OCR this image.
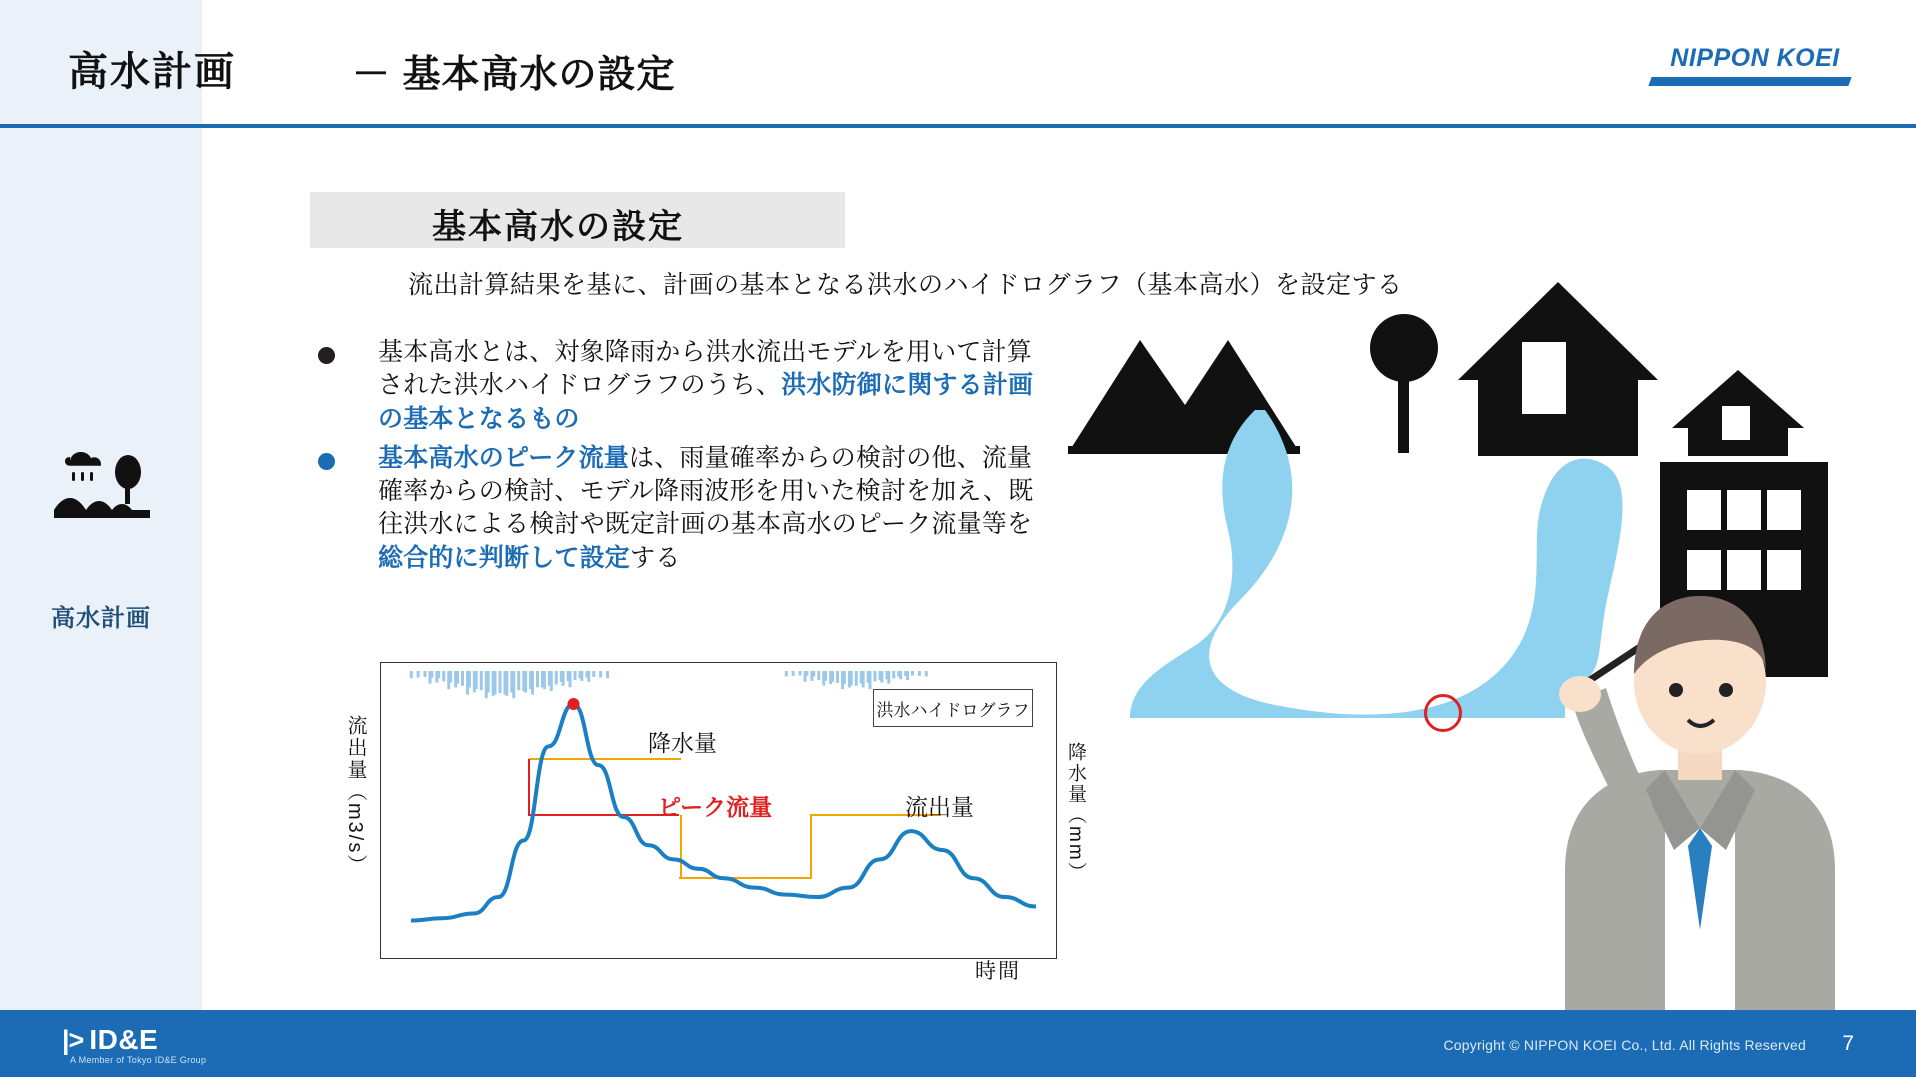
高水計画
高水計画	－ 基本高水の設定	NIPPON KOEI
基本高水の設定
流出計算結果を基に、計画の基本となる洪水のハイドログラフ（基本高水）を設定する
基本高水とは、対象降雨から洪水流出モデルを用いて計算された洪水ハイドログラフのうち、洪水防御に関する計画の基本となるもの
基本高水のピーク流量は、雨量確率からの検討の他、流量確率からの検討、モデル降雨波形を用いた検討を加え、既往洪水による検討や既定計画の基本高水のピーク流量等を総合的に判断して設定する
流出量（m3/s）	降水量（mm）
時間
洪水ハイドログラフ
降水量
ピーク流量	流出量
|> ID&E
A Member of Tokyo ID&E Group
Copyright © NIPPON KOEI Co., Ltd. All Rights Reserved 7
